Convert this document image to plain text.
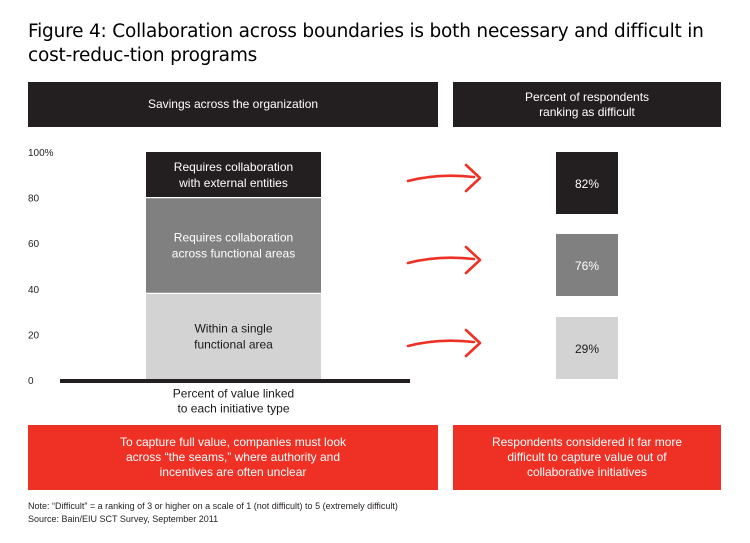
Figure 4: Collaboration across boundaries is both necessary and difficult in cost-reduc-tion programs
Savings across the organization
Percent of respondents
ranking as difficult
0
20
40
60
80
100%
Within a single
functional area
Requires collaboration
across functional areas
Requires collaboration
with external entities
Percent of value linked
to each initiative type
82%
76%
29%
To capture full value, companies must look
across “the seams,” where authority and
incentives are often unclear
Respondents considered it far more
difficult to capture value out of
collaborative initiatives
Note: “Difficult” = a ranking of 3 or higher on a scale of 1 (not difficult) to 5 (extremely difficult)
Source: Bain/EIU SCT Survey, September 2011
